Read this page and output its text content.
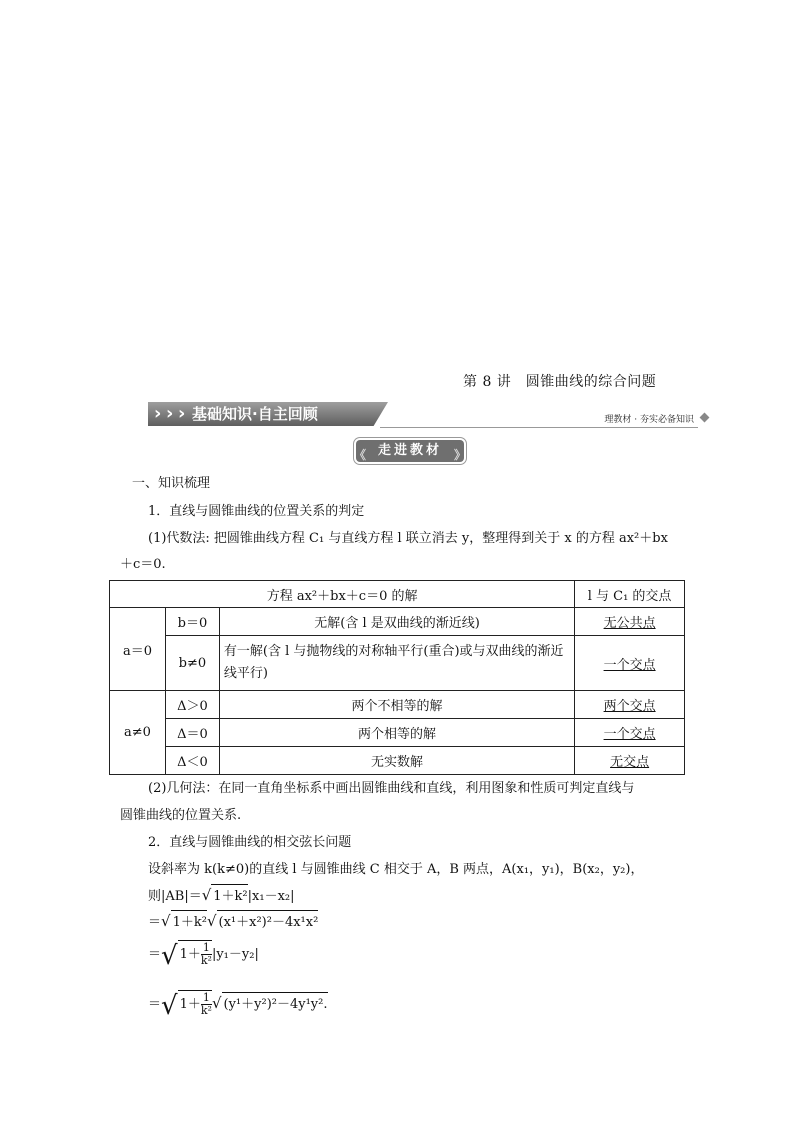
第 8 讲　圆锥曲线的综合问题
› › › 基础知识·自主回顾	理教材 · 夯实必备知识
《 走进教材 》

一、知识梳理

1．直线与圆锥曲线的位置关系的判定

(1)代数法: 把圆锥曲线方程 C₁ 与直线方程 l 联立消去 y，整理得到关于 x 的方程 ax²＋bx

＋c＝0.

方程 ax²＋bx＋c＝0 的解			l 与 C₁ 的交点
a＝0	b＝0	无解(含 l 是双曲线的渐近线)	无公共点
	b≠0	有一解(含 l 与抛物线的对称轴平行(重合)或与双曲线的渐近线平行)	一个交点
a≠0	Δ＞0	两个不相等的解	两个交点
	Δ＝0	两个相等的解	一个交点
	Δ＜0	无实数解	无交点

(2)几何法：在同一直角坐标系中画出圆锥曲线和直线，利用图象和性质可判定直线与

圆锥曲线的位置关系.

2．直线与圆锥曲线的相交弦长问题

设斜率为 k(k≠0)的直线 l 与圆锥曲线 C 相交于 A，B 两点，A(x₁，y₁)，B(x₂，y₂)，

则|AB|＝√ 1＋k²|x₁－x₂|
＝√ 1＋k²√ (x¹＋x²)²－4x¹x²
＝√ $1+ \frac{1}{\text{k²}} |y_1-y_2|$
＝√ $1+ \frac{1}{\text{k²}}$ √ (y¹＋y²)²－4y¹y².
